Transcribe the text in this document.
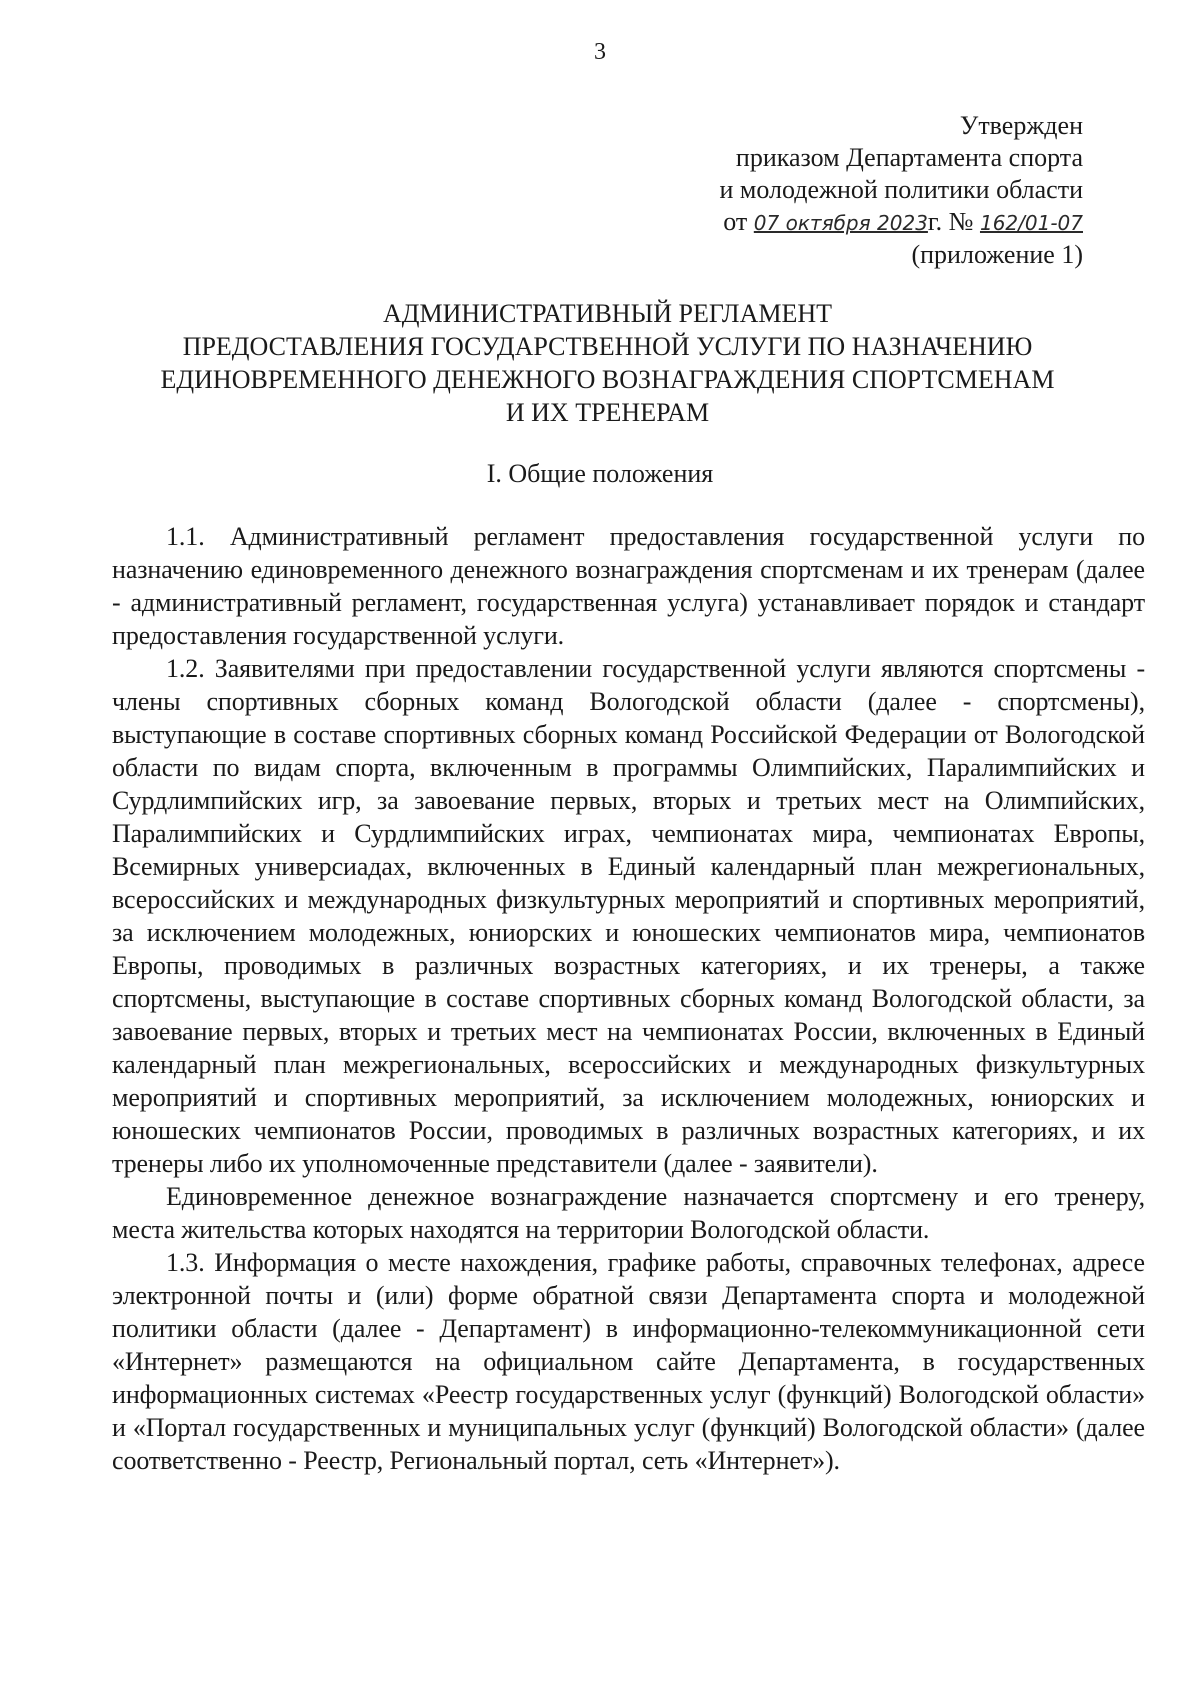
3
Утвержден
приказом Департамента спорта
и молодежной политики области
от 07 октября 2023г. № 162/01-07
(приложение 1)
АДМИНИСТРАТИВНЫЙ РЕГЛАМЕНТ
ПРЕДОСТАВЛЕНИЯ ГОСУДАРСТВЕННОЙ УСЛУГИ ПО НАЗНАЧЕНИЮ
ЕДИНОВРЕМЕННОГО ДЕНЕЖНОГО ВОЗНАГРАЖДЕНИЯ СПОРТСМЕНАМ
И ИХ ТРЕНЕРАМ
I. Общие положения

1.1. Административный регламент предоставления государственной услуги по назначению единовременного денежного вознаграждения спортсменам и их тренерам (далее - административный регламент, государственная услуга) устанавливает порядок и стандарт предоставления государственной услуги.

1.2. Заявителями при предоставлении государственной услуги являются спортсмены - члены спортивных сборных команд Вологодской области (далее - спортсмены), выступающие в составе спортивных сборных команд Российской Федерации от Вологодской области по видам спорта, включенным в программы Олимпийских, Паралимпийских и Сурдлимпийских игр, за завоевание первых, вторых и третьих мест на Олимпийских, Паралимпийских и Сурдлимпийских играх, чемпионатах мира, чемпионатах Европы, Всемирных универсиадах, включенных в Единый календарный план межрегиональных, всероссийских и международных физкультурных мероприятий и спортивных мероприятий, за исключением молодежных, юниорских и юношеских чемпионатов мира, чемпионатов Европы, проводимых в различных возрастных категориях, и их тренеры, а также спортсмены, выступающие в составе спортивных сборных команд Вологодской области, за завоевание первых, вторых и третьих мест на чемпионатах России, включенных в Единый календарный план межрегиональных, всероссийских и международных физкультурных мероприятий и спортивных мероприятий, за исключением молодежных, юниорских и юношеских чемпионатов России, проводимых в различных возрастных категориях, и их тренеры либо их уполномоченные представители (далее - заявители).

Единовременное денежное вознаграждение назначается спортсмену и его тренеру, места жительства которых находятся на территории Вологодской области.

1.3. Информация о месте нахождения, графике работы, справочных телефонах, адресе электронной почты и (или) форме обратной связи Департамента спорта и молодежной политики области (далее - Департамент) в информационно-телекоммуникационной сети «Интернет» размещаются на официальном сайте Департамента, в государственных информационных системах «Реестр государственных услуг (функций) Вологодской области» и «Портал государственных и муниципальных услуг (функций) Вологодской области» (далее соответственно - Реестр, Региональный портал, сеть «Интернет»).
